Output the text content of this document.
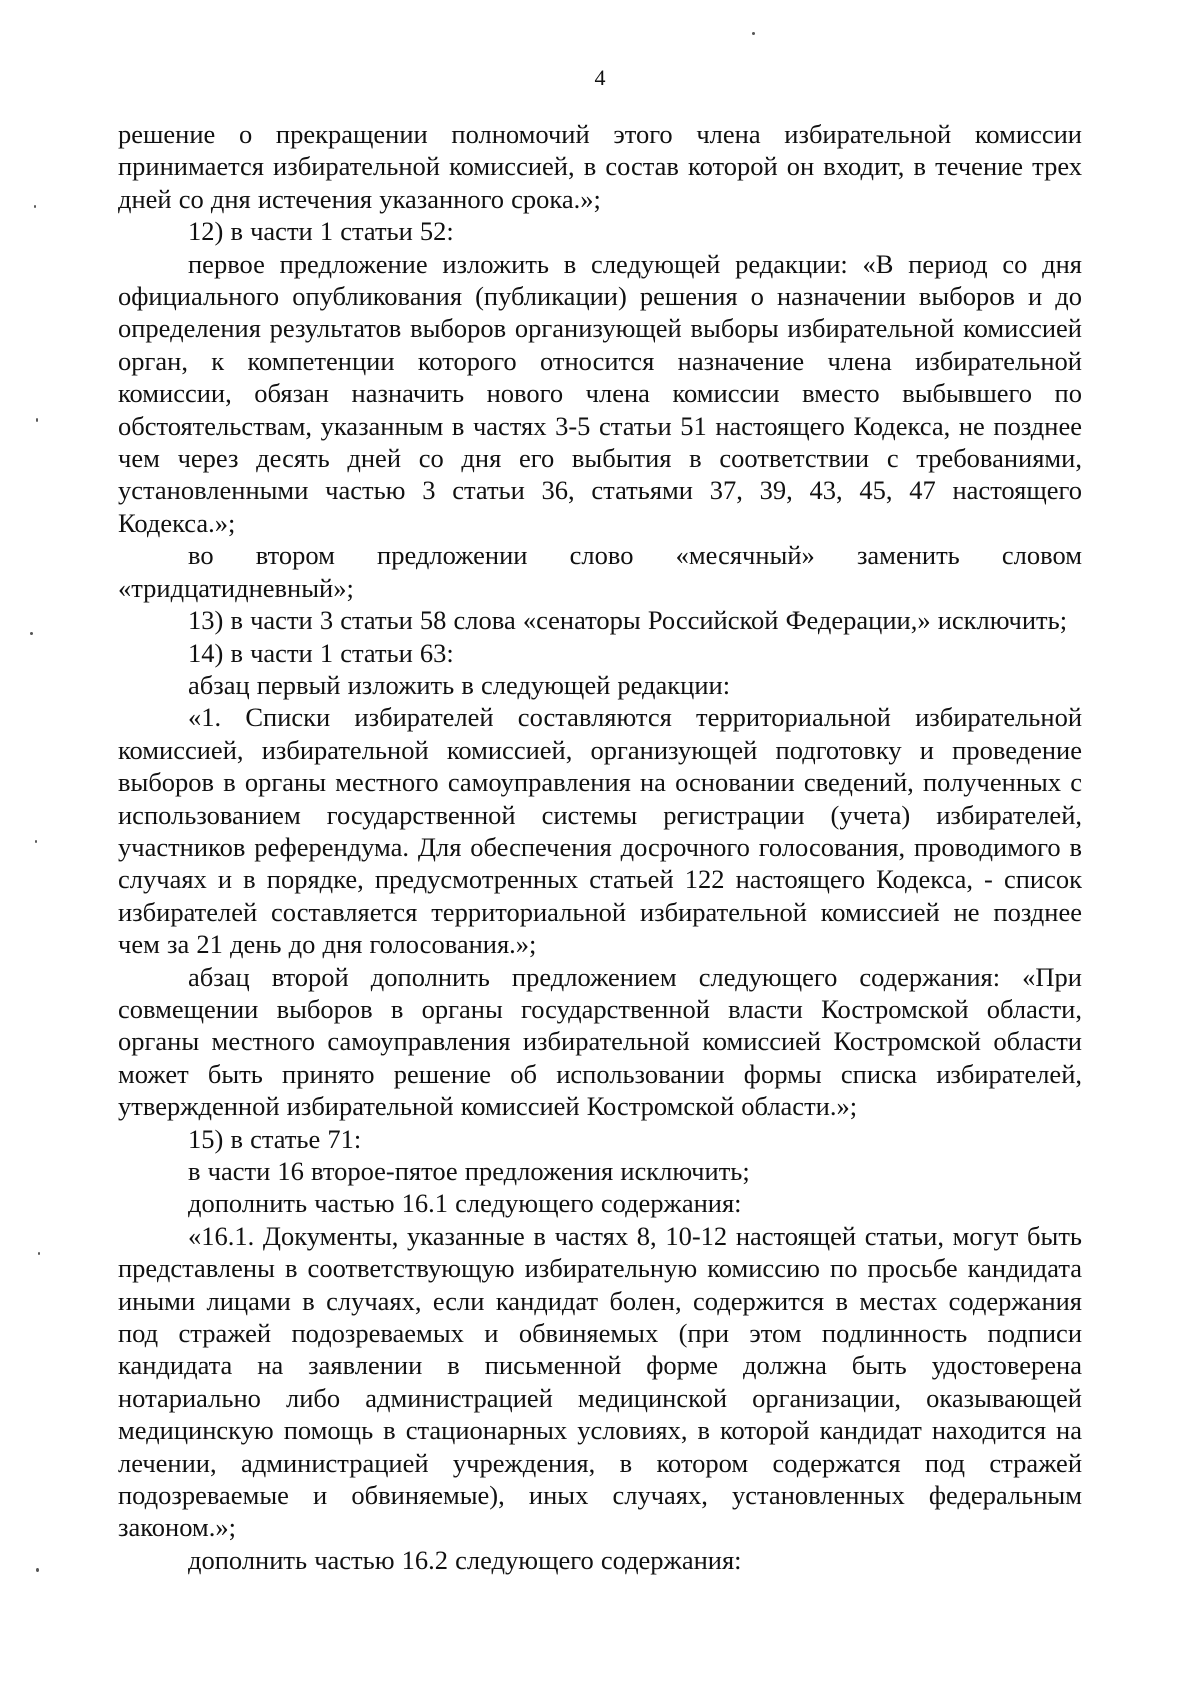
4

решение о прекращении полномочий этого члена избирательной комиссии принимается избирательной комиссией, в состав которой он входит, в течение трех дней со дня истечения указанного срока.»;

12) в части 1 статьи 52:

первое предложение изложить в следующей редакции: «В период со дня официального опубликования (публикации) решения о назначении выборов и до определения результатов выборов организующей выборы избирательной комиссией орган, к компетенции которого относится назначение члена избирательной комиссии, обязан назначить нового члена комиссии вместо выбывшего по обстоятельствам, указанным в частях 3-5 статьи 51 настоящего Кодекса, не позднее чем через десять дней со дня его выбытия в соответствии с требованиями, установленными частью 3 статьи 36, статьями 37, 39, 43, 45, 47 настоящего Кодекса.»;

во втором предложении слово «месячный» заменить словом «тридцатидневный»;

13) в части 3 статьи 58 слова «сенаторы Российской Федерации,» исключить;

14) в части 1 статьи 63:

абзац первый изложить в следующей редакции:

«1. Списки избирателей составляются территориальной избирательной комиссией, избирательной комиссией, организующей подготовку и проведение выборов в органы местного самоуправления на основании сведений, полученных с использованием государственной системы регистрации (учета) избирателей, участников референдума. Для обеспечения досрочного голосования, проводимого в случаях и в порядке, предусмотренных статьей 122 настоящего Кодекса, - список избирателей составляется территориальной избирательной комиссией не позднее чем за 21 день до дня голосования.»;

абзац второй дополнить предложением следующего содержания: «При совмещении выборов в органы государственной власти Костромской области, органы местного самоуправления избирательной комиссией Костромской области может быть принято решение об использовании формы списка избирателей, утвержденной избирательной комиссией Костромской области.»;

15) в статье 71:

в части 16 второе-пятое предложения исключить;

дополнить частью 16.1 следующего содержания:

«16.1. Документы, указанные в частях 8, 10-12 настоящей статьи, могут быть представлены в соответствующую избирательную комиссию по просьбе кандидата иными лицами в случаях, если кандидат болен, содержится в местах содержания под стражей подозреваемых и обвиняемых (при этом подлинность подписи кандидата на заявлении в письменной форме должна быть удостоверена нотариально либо администрацией медицинской организации, оказывающей медицинскую помощь в стационарных условиях, в которой кандидат находится на лечении, администрацией учреждения, в котором содержатся под стражей подозреваемые и обвиняемые), иных случаях, установленных федеральным законом.»;

дополнить частью 16.2 следующего содержания:
